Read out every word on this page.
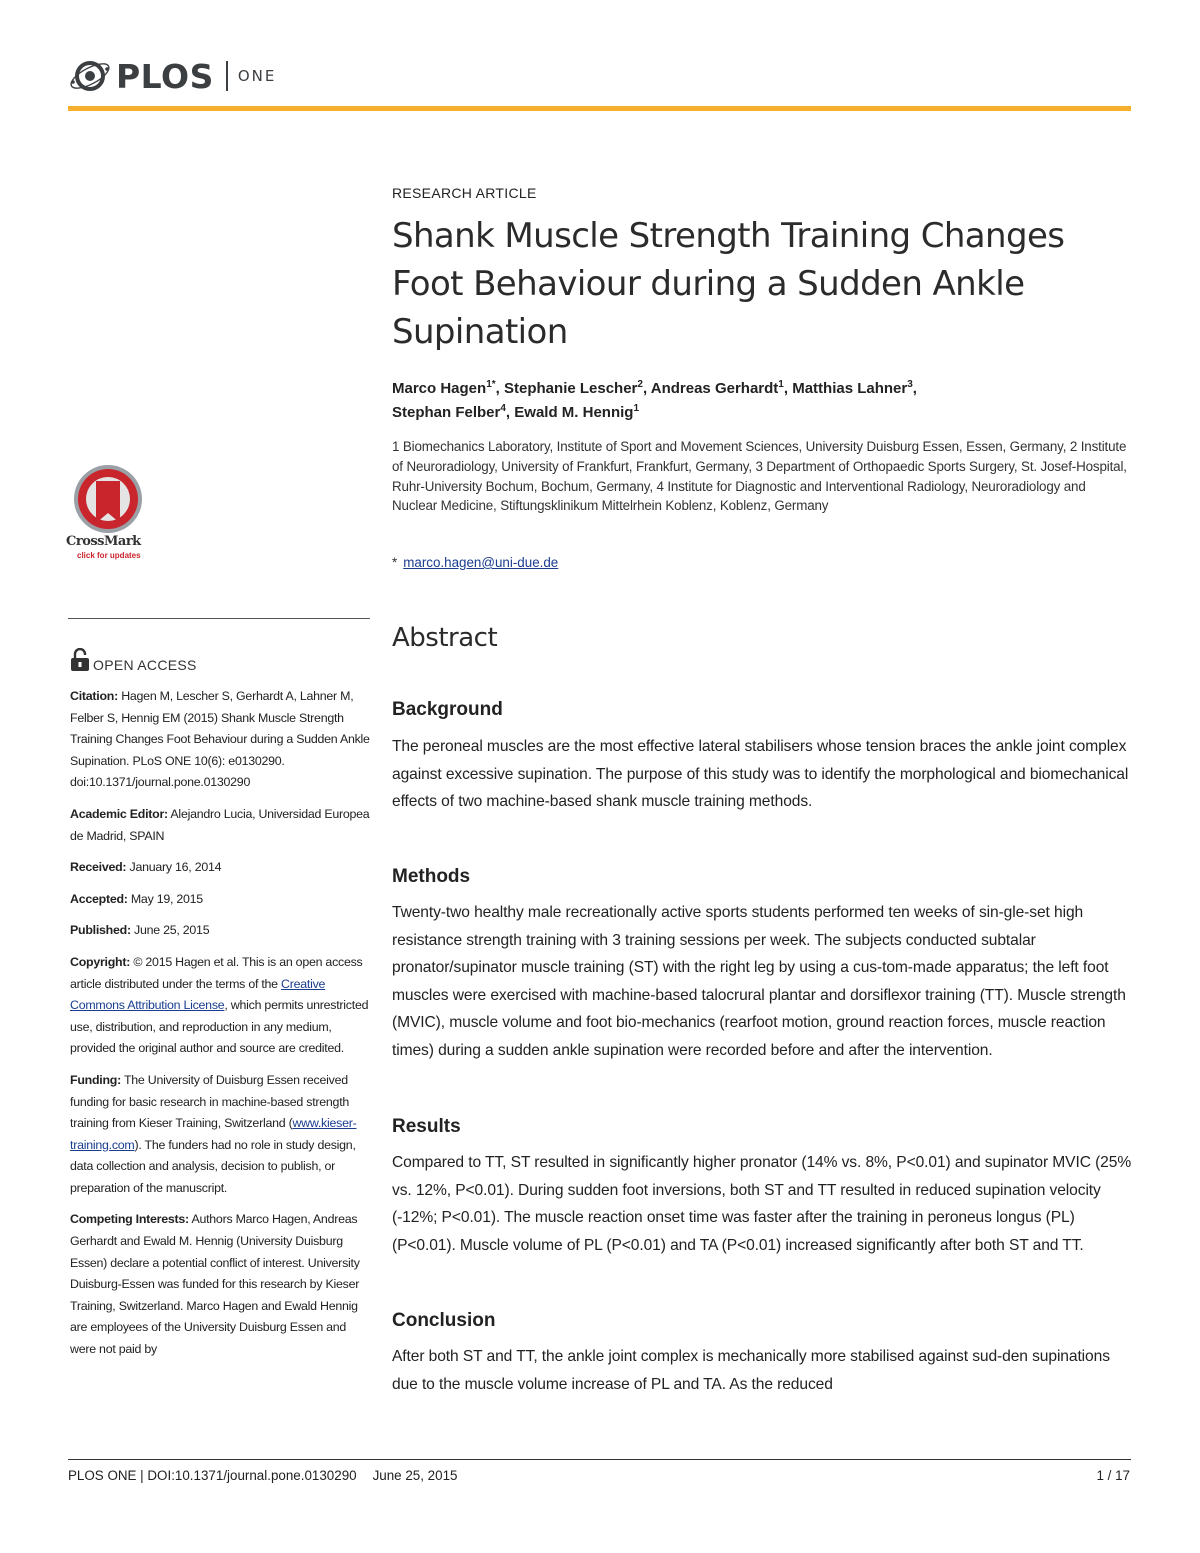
PLOS ONE
CrossMark
click for updates
OPEN ACCESS

Citation: Hagen M, Lescher S, Gerhardt A, Lahner M, Felber S, Hennig EM (2015) Shank Muscle Strength Training Changes Foot Behaviour during a Sudden Ankle Supination. PLoS ONE 10(6): e0130290. doi:10.1371/journal.pone.0130290

Academic Editor: Alejandro Lucia, Universidad Europea de Madrid, SPAIN

Received: January 16, 2014

Accepted: May 19, 2015

Published: June 25, 2015

Copyright: © 2015 Hagen et al. This is an open access article distributed under the terms of the Creative Commons Attribution License, which permits unrestricted use, distribution, and reproduction in any medium, provided the original author and source are credited.

Funding: The University of Duisburg Essen received funding for basic research in machine-based strength training from Kieser Training, Switzerland (www.kieser-training.com). The funders had no role in study design, data collection and analysis, decision to publish, or preparation of the manuscript.

Competing Interests: Authors Marco Hagen, Andreas Gerhardt and Ewald M. Hennig (University Duisburg Essen) declare a potential conflict of interest. University Duisburg-Essen was funded for this research by Kieser Training, Switzerland. Marco Hagen and Ewald Hennig are employees of the University Duisburg Essen and were not paid by

RESEARCH ARTICLE
Shank Muscle Strength Training Changes Foot Behaviour during a Sudden Ankle Supination
Marco Hagen$^{1*}$, Stephanie Lescher$^2$, Andreas Gerhardt$^1$, Matthias Lahner$^3$,
Stephan Felber$^4$, Ewald M. Hennig$^1$
1 Biomechanics Laboratory, Institute of Sport and Movement Sciences, University Duisburg Essen, Essen, Germany, 2 Institute of Neuroradiology, University of Frankfurt, Frankfurt, Germany, 3 Department of Orthopaedic Sports Surgery, St. Josef-Hospital, Ruhr-University Bochum, Bochum, Germany, 4 Institute for Diagnostic and Interventional Radiology, Neuroradiology and Nuclear Medicine, Stiftungsklinikum Mittelrhein Koblenz, Koblenz, Germany
* marco.hagen@uni-due.de
Abstract
Background

The peroneal muscles are the most effective lateral stabilisers whose tension braces the ankle joint complex against excessive supination. The purpose of this study was to identify the morphological and biomechanical effects of two machine-based shank muscle training methods.

Methods

Twenty-two healthy male recreationally active sports students performed ten weeks of sin-gle-set high resistance strength training with 3 training sessions per week. The subjects conducted subtalar pronator/supinator muscle training (ST) with the right leg by using a cus-tom-made apparatus; the left foot muscles were exercised with machine-based talocrural plantar and dorsiflexor training (TT). Muscle strength (MVIC), muscle volume and foot bio-mechanics (rearfoot motion, ground reaction forces, muscle reaction times) during a sudden ankle supination were recorded before and after the intervention.

Results

Compared to TT, ST resulted in significantly higher pronator (14% vs. 8%, P<0.01) and supinator MVIC (25% vs. 12%, P<0.01). During sudden foot inversions, both ST and TT resulted in reduced supination velocity (-12%; P<0.01). The muscle reaction onset time was faster after the training in peroneus longus (PL) (P<0.01). Muscle volume of PL (P<0.01) and TA (P<0.01) increased significantly after both ST and TT.

Conclusion

After both ST and TT, the ankle joint complex is mechanically more stabilised against sud-den supinations due to the muscle volume increase of PL and TA. As the reduced

PLOS ONE | DOI:10.1371/journal.pone.0130290 June 25, 2015	1 / 17
